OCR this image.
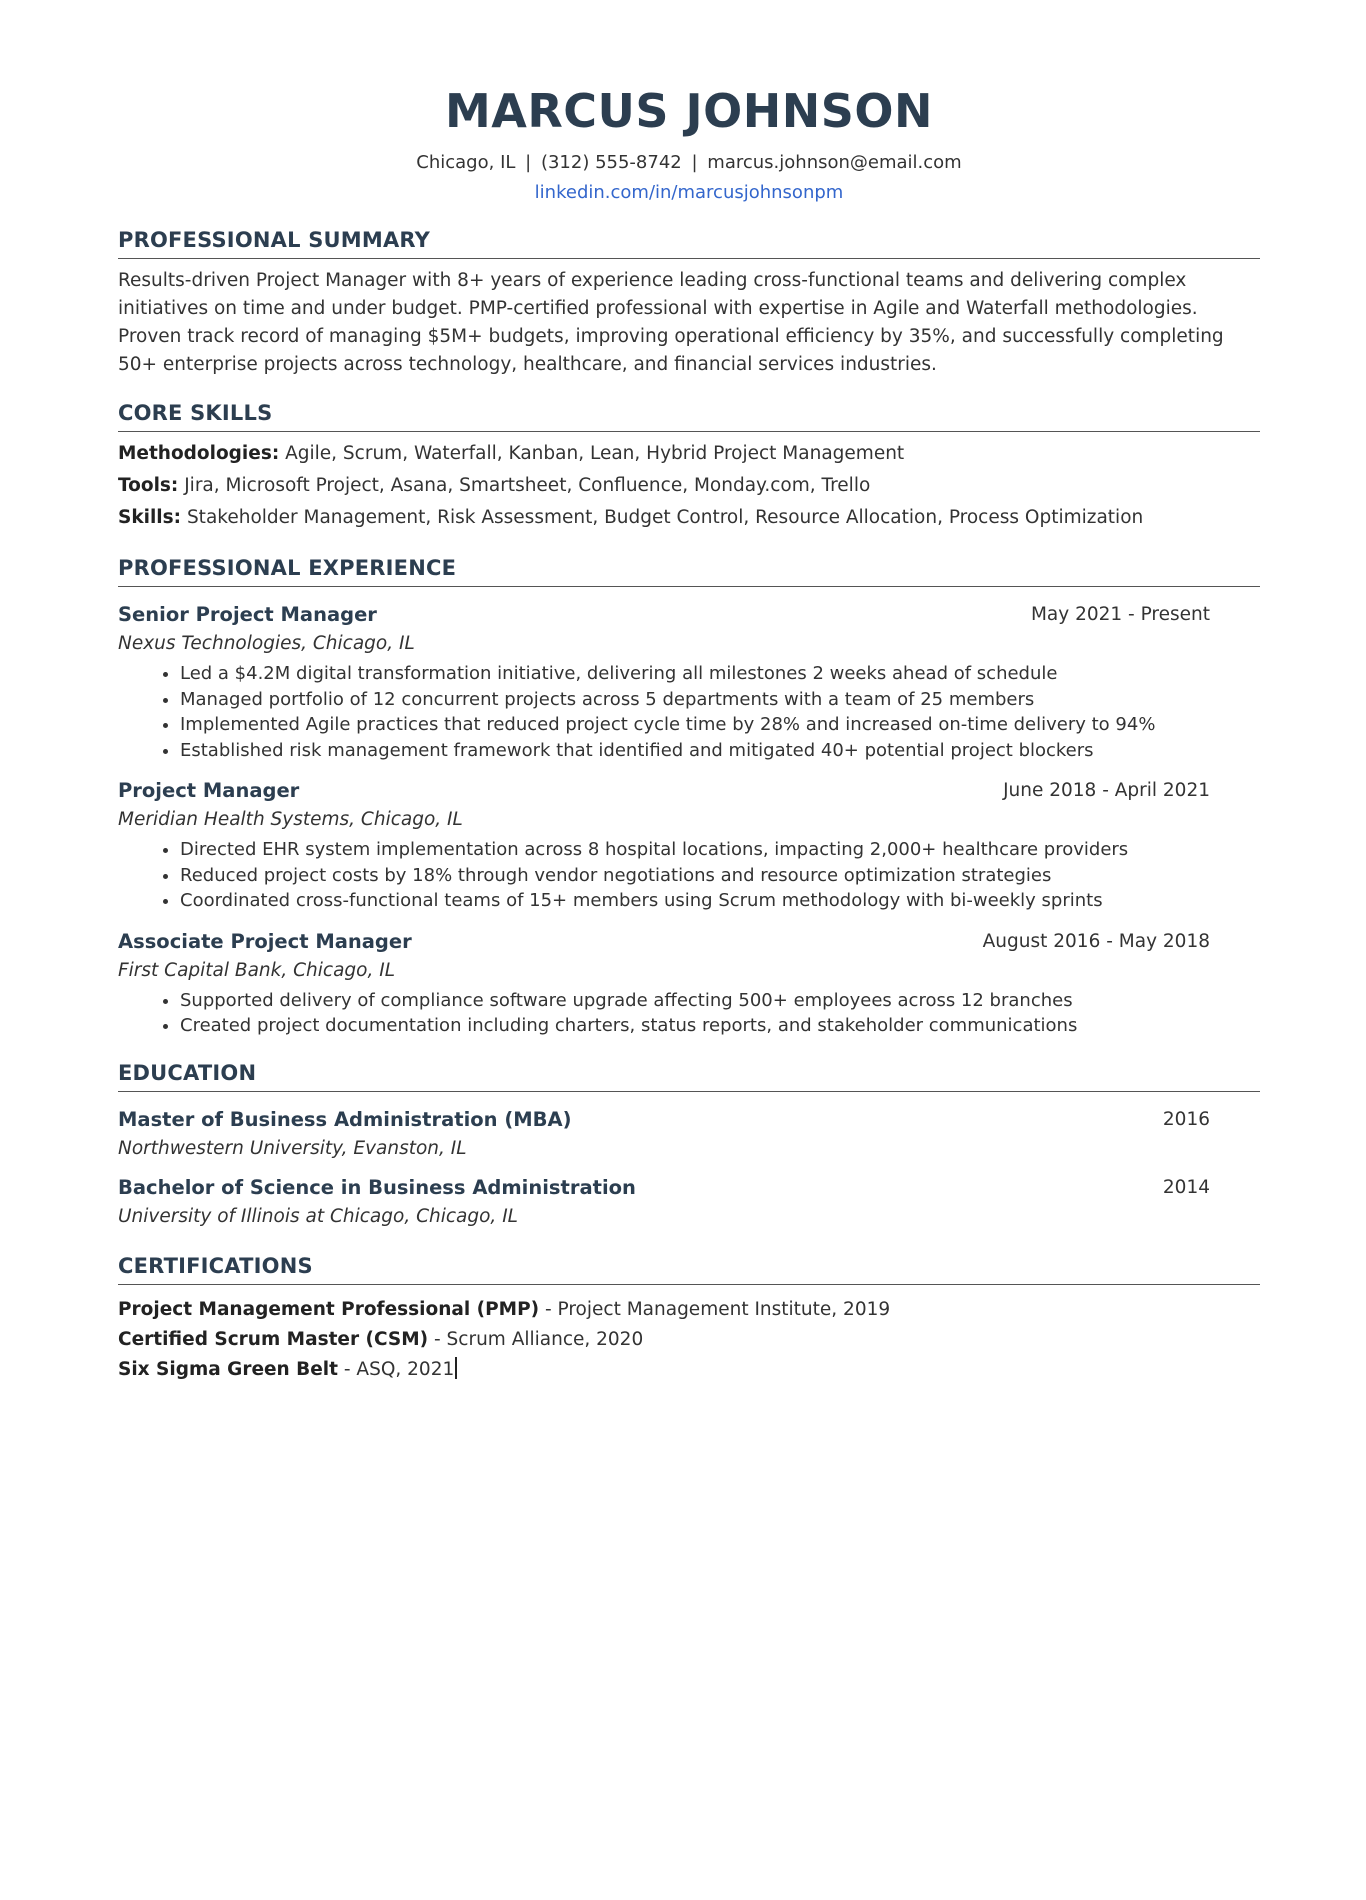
MARCUS JOHNSON
Chicago, IL | (312) 555-8742 | marcus.johnson@email.com
linkedin.com/in/marcusjohnsonpm
PROFESSIONAL SUMMARY
Results-driven Project Manager with 8+ years of experience leading cross-functional teams and delivering complex initiatives on time and under budget. PMP-certified professional with expertise in Agile and Waterfall methodologies. Proven track record of managing $5M+ budgets, improving operational efficiency by 35%, and successfully completing 50+ enterprise projects across technology, healthcare, and financial services industries.
CORE SKILLS
Methodologies: Agile, Scrum, Waterfall, Kanban, Lean, Hybrid Project Management
Tools: Jira, Microsoft Project, Asana, Smartsheet, Confluence, Monday.com, Trello
Skills: Stakeholder Management, Risk Assessment, Budget Control, Resource Allocation, Process Optimization
PROFESSIONAL EXPERIENCE
Senior Project Manager	May 2021 - Present
Nexus Technologies, Chicago, IL
• Led a $4.2M digital transformation initiative, delivering all milestones 2 weeks ahead of schedule
• Managed portfolio of 12 concurrent projects across 5 departments with a team of 25 members
• Implemented Agile practices that reduced project cycle time by 28% and increased on-time delivery to 94%
• Established risk management framework that identified and mitigated 40+ potential project blockers
Project Manager	June 2018 - April 2021
Meridian Health Systems, Chicago, IL
• Directed EHR system implementation across 8 hospital locations, impacting 2,000+ healthcare providers
• Reduced project costs by 18% through vendor negotiations and resource optimization strategies
• Coordinated cross-functional teams of 15+ members using Scrum methodology with bi-weekly sprints
Associate Project Manager	August 2016 - May 2018
First Capital Bank, Chicago, IL
• Supported delivery of compliance software upgrade affecting 500+ employees across 12 branches
• Created project documentation including charters, status reports, and stakeholder communications
EDUCATION
Master of Business Administration (MBA)	2016
Northwestern University, Evanston, IL
Bachelor of Science in Business Administration	2014
University of Illinois at Chicago, Chicago, IL
CERTIFICATIONS
Project Management Professional (PMP) - Project Management Institute, 2019
Certified Scrum Master (CSM) - Scrum Alliance, 2020
Six Sigma Green Belt - ASQ, 2021
